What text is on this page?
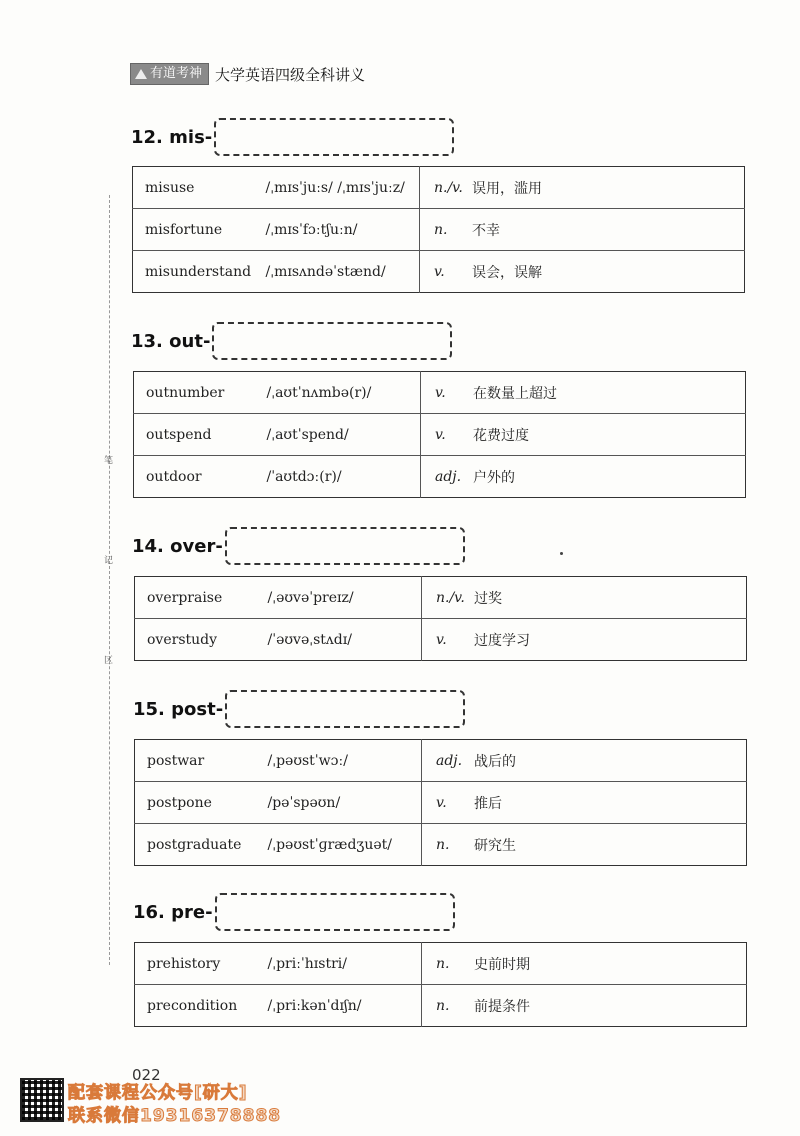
有道考神 大学英语四级全科讲义
笔
记
区
12. mis-
misuse	/ˌmɪsˈjuːs/ /ˌmɪsˈjuːz/	n./v.	误用，滥用
misfortune	/ˌmɪsˈfɔːtʃuːn/	n.	不幸
misunderstand	/ˌmɪsʌndəˈstænd/	v.	误会，误解
13. out-
outnumber	/ˌaʊtˈnʌmbə(r)/	v.	在数量上超过
outspend	/ˌaʊtˈspend/	v.	花费过度
outdoor	/ˈaʊtdɔː(r)/	adj.	户外的
14. over-
overpraise	/ˌəʊvəˈpreɪz/	n./v.	过奖
overstudy	/ˈəʊvəˌstʌdɪ/	v.	过度学习
15. post-
postwar	/ˌpəʊstˈwɔː/	adj.	战后的
postpone	/pəˈspəʊn/	v.	推后
postgraduate	/ˌpəʊstˈɡrædʒuət/	n.	研究生
16. pre-
prehistory	/ˌpriːˈhɪstri/	n.	史前时期
precondition	/ˌpriːkənˈdɪʃn/	n.	前提条件
022
配套课程公众号[研大]
联系微信19316378888
